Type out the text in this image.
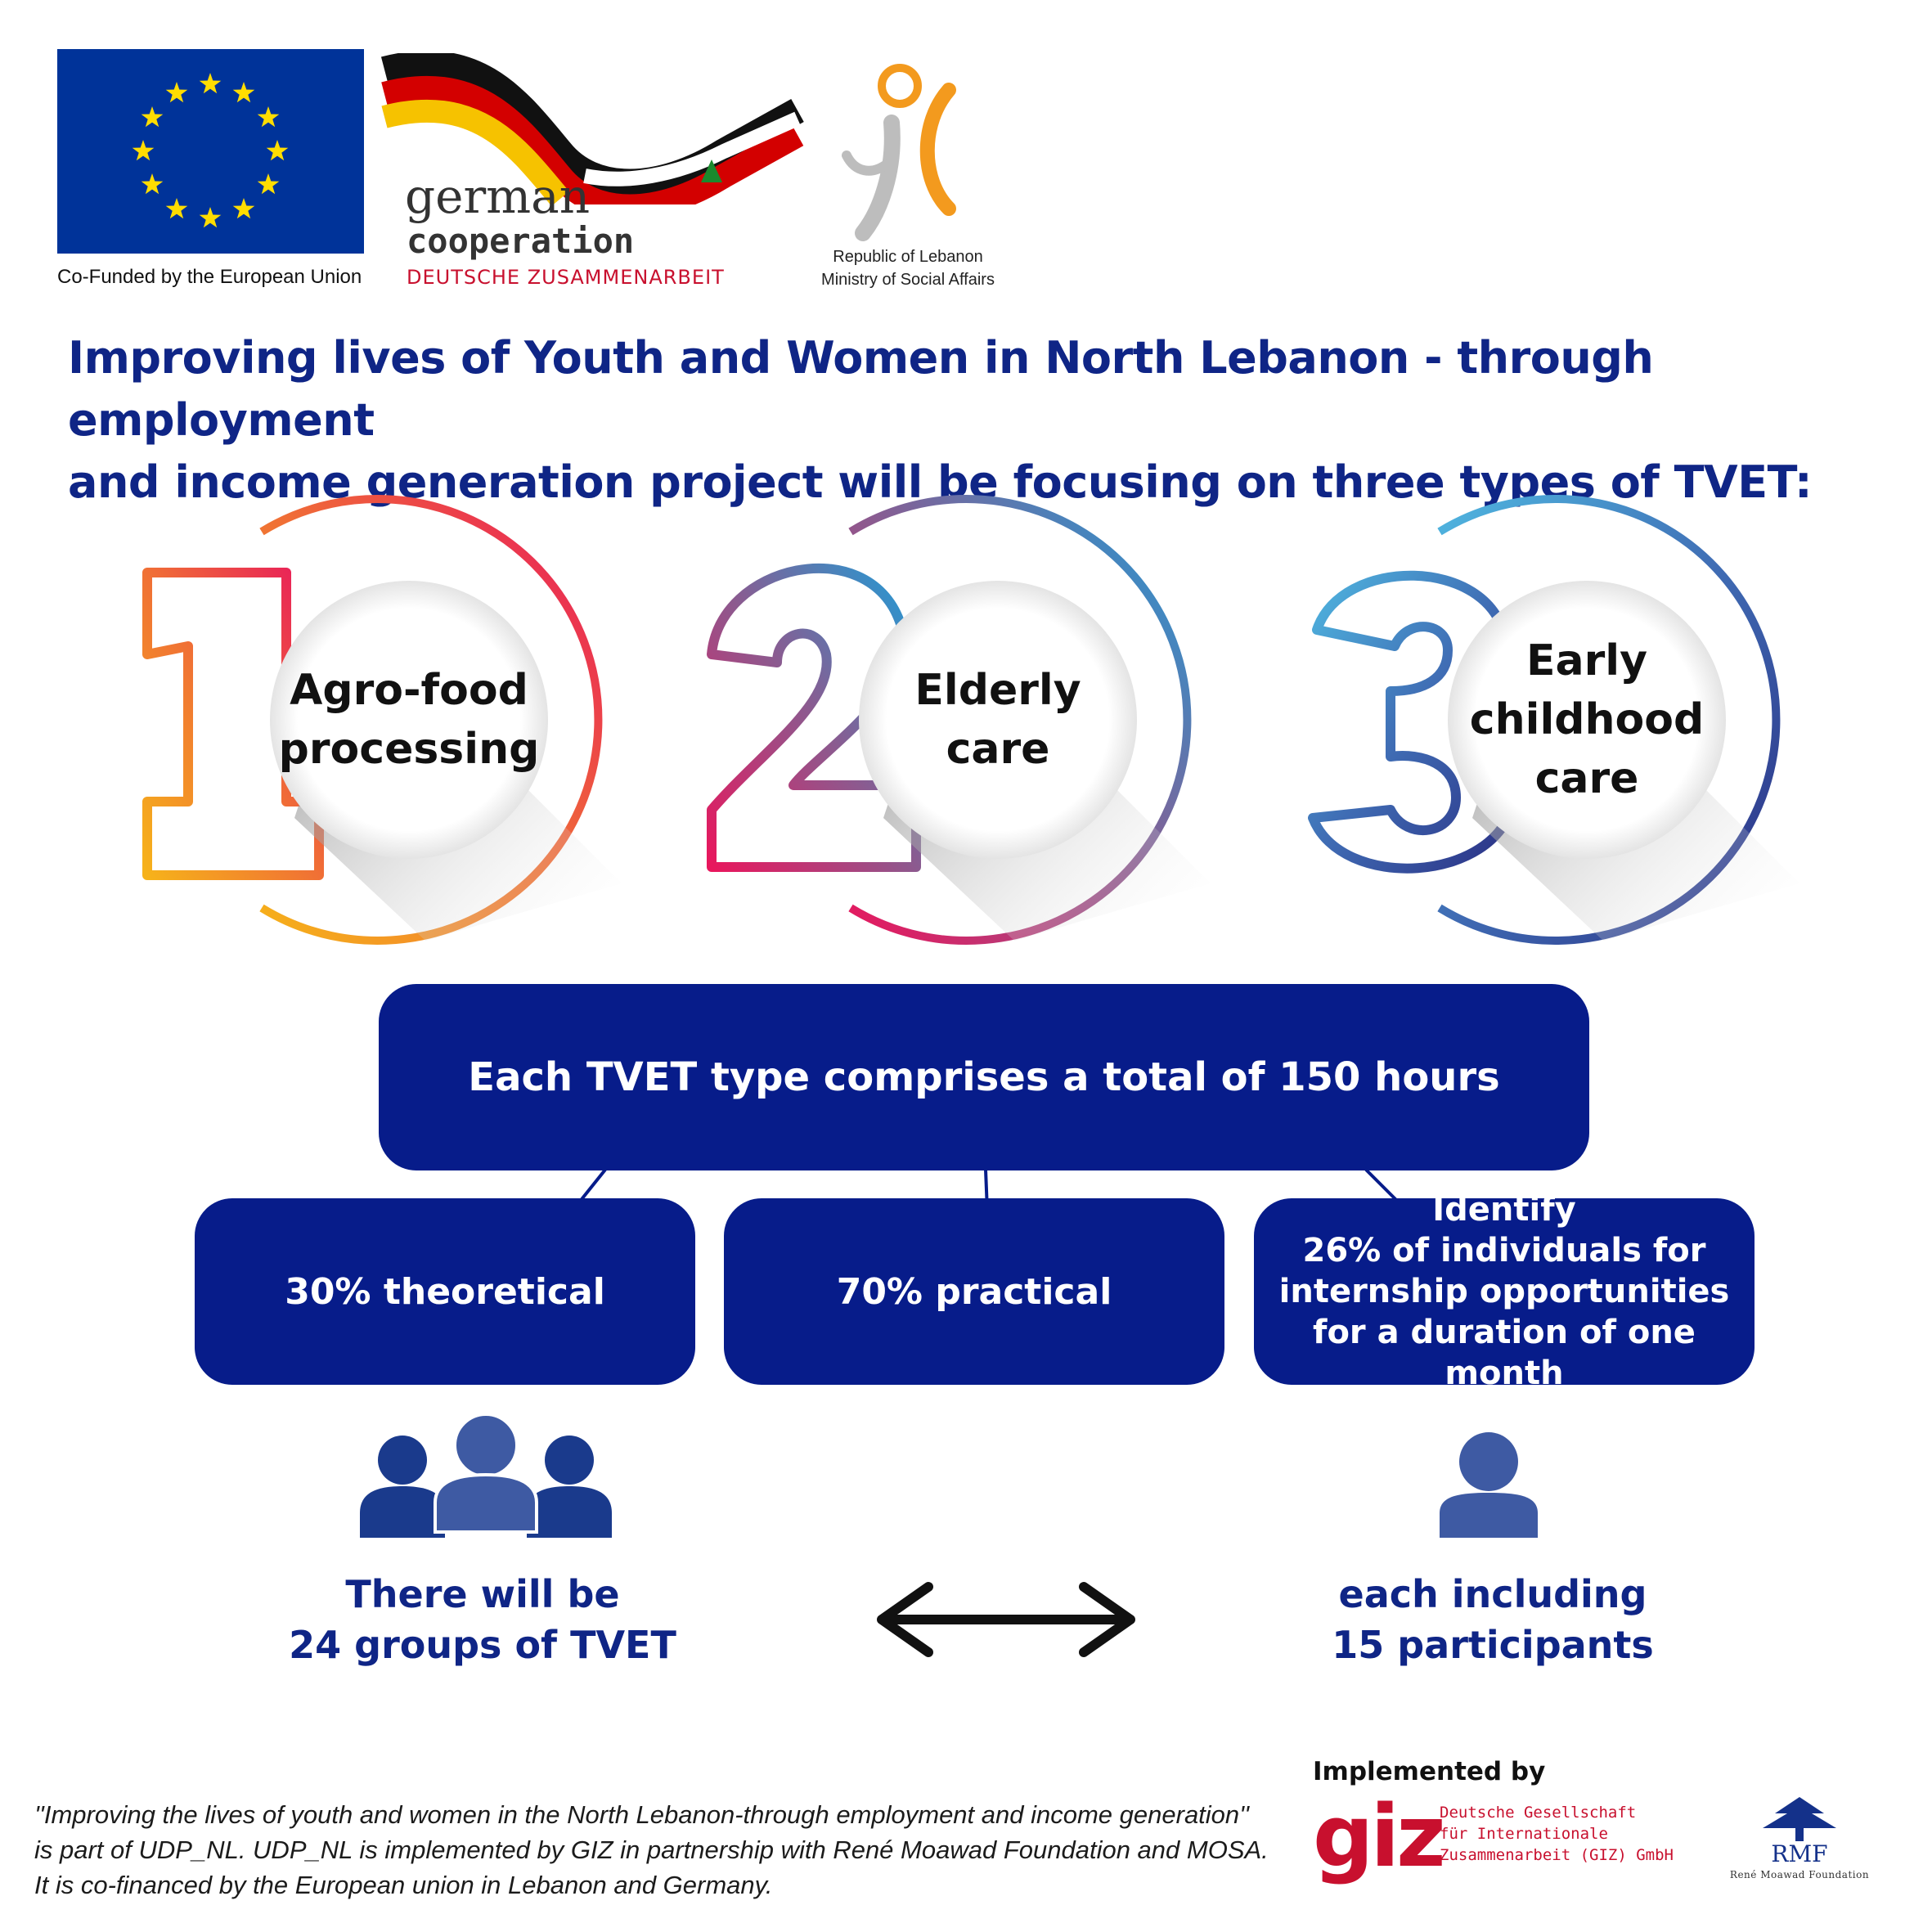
Co-Funded by the European Union
german
cooperation
DEUTSCHE ZUSAMMENARBEIT
Republic of Lebanon
Ministry of Social Affairs
Improving lives of Youth and Women in North Lebanon - through employment
and income generation project will be focusing on three types of TVET:
Agro-food
processing
Elderly
care
Early
childhood
care
Each TVET type comprises a total of 150 hours
30% theoretical	70% practical
Identify
26% of individuals for
internship opportunities
for a duration of one month
There will be
24 groups of TVET
each including
15 participants
Implemented by
''Improving the lives of youth and women in the North Lebanon-through employment and income generation''
is part of UDP_NL. UDP_NL is implemented by GIZ in partnership with René Moawad Foundation and MOSA.
It is co-financed by the European union in Lebanon and Germany.	giz
Deutsche Gesellschaft
für Internationale
Zusammenarbeit (GIZ) GmbH	RMF
René Moawad Foundation
